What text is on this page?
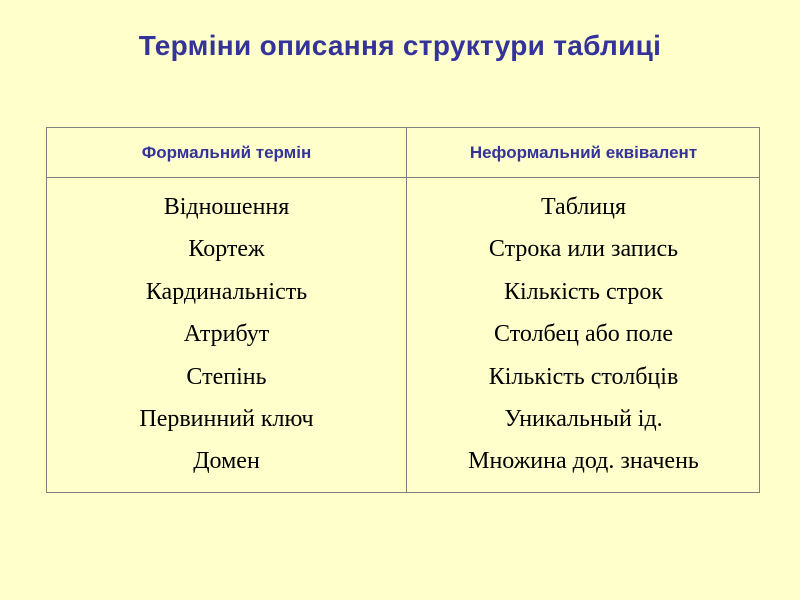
Терміни описання структури таблиці
Формальний термін	Неформальний еквівалент
Відношення
Кортеж
Кардинальність
Атрибут
Степінь
Первинний ключ
Домен
Таблиця
Строка или запись
Кількість строк
Столбец або поле
Кількість столбців
Уникальный ід.
Множина дод. значень
